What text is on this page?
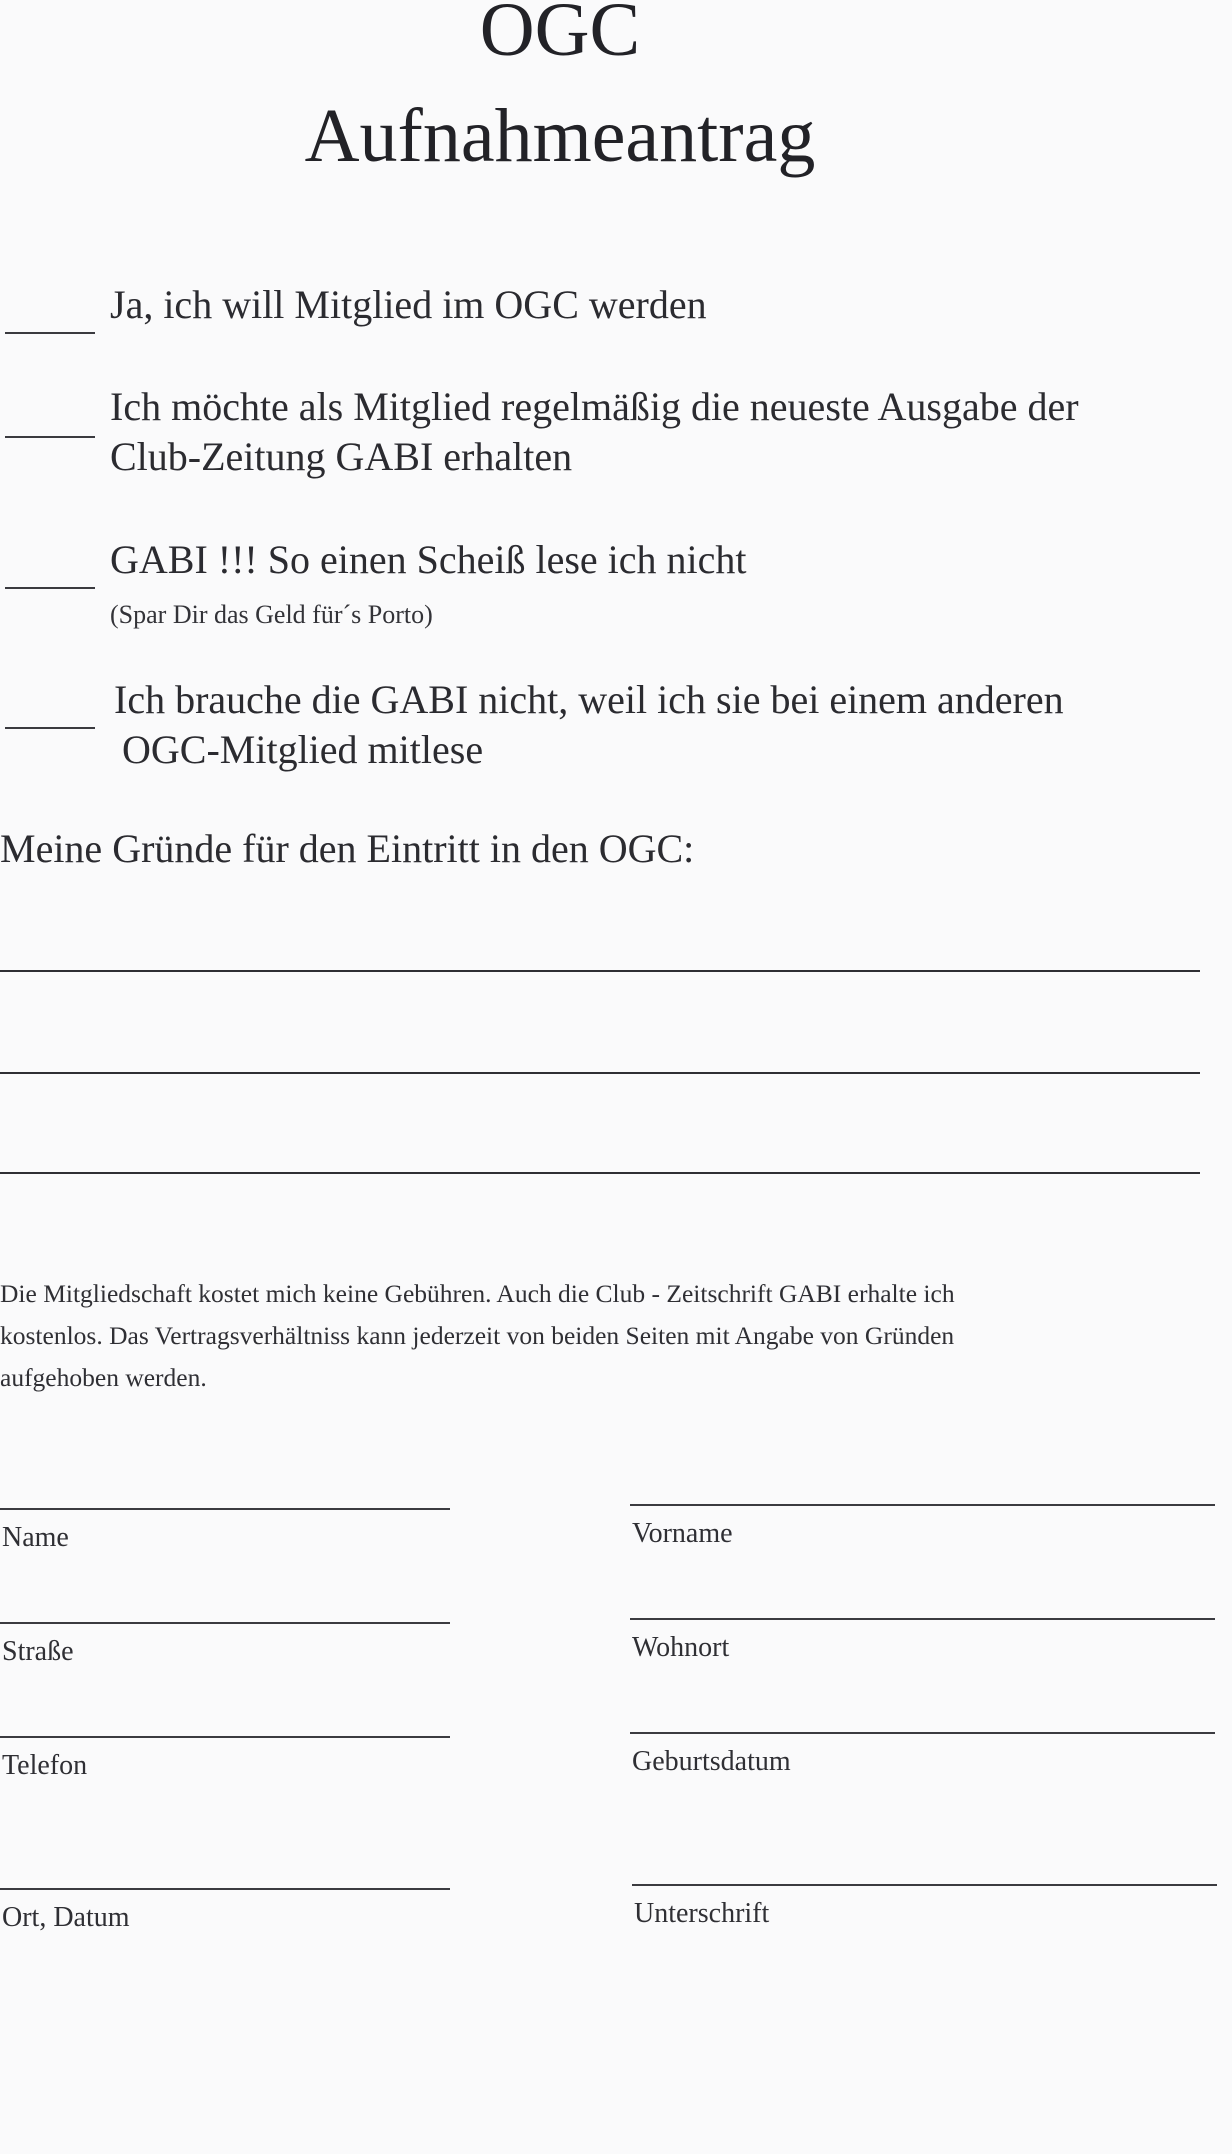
OGC
Aufnahmeantrag
Ja, ich will Mitglied im OGC werden
Ich möchte als Mitglied regelmäßig die neueste Ausgabe der
Club-Zeitung GABI erhalten
GABI !!! So einen Scheiß lese ich nicht
(Spar Dir das Geld für´s Porto)
Ich brauche die GABI nicht, weil ich sie bei einem anderen
OGC-Mitglied mitlese
Meine Gründe für den Eintritt in den OGC:
Die Mitgliedschaft kostet mich keine Gebühren. Auch die Club - Zeitschrift GABI erhalte ich
kostenlos. Das Vertragsverhältniss kann jederzeit von beiden Seiten mit Angabe von Gründen
aufgehoben werden.
Name
Straße
Telefon
Ort, Datum
Vorname
Wohnort
Geburtsdatum
Unterschrift
